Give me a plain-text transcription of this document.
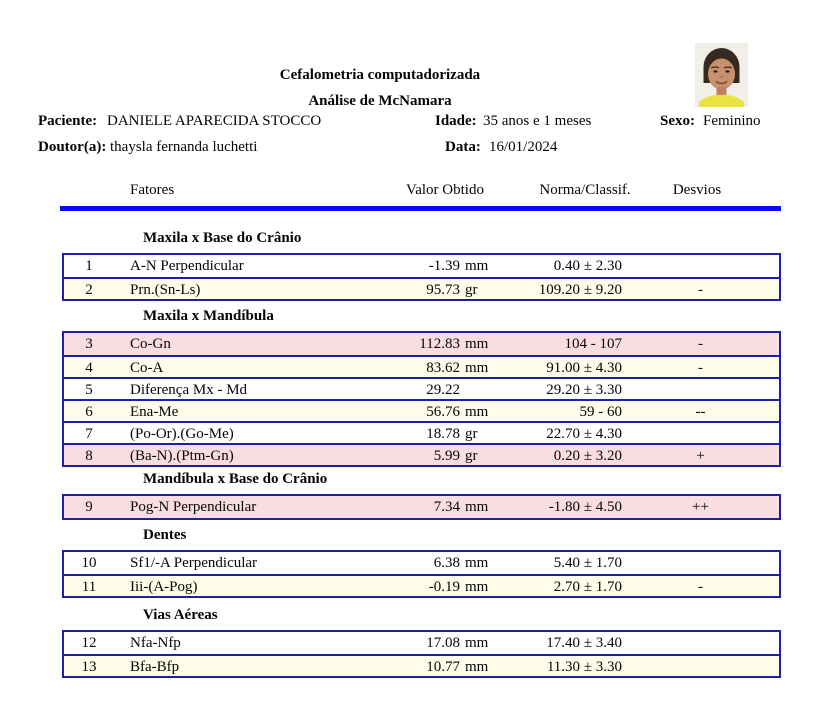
Cefalometria computadorizada
Análise de McNamara
Paciente: DANIELE APARECIDA STOCCO	Idade: 35 anos e 1 meses	Sexo: Feminino
Doutor(a): thaysla fernanda luchetti	Data: 16/01/2024
Fatores	Valor Obtido	Norma/Classif.	Desvios
Maxila x Base do Crânio
1	A-N Perpendicular	-1.39 mm	0.40 ± 2.30
2	Prn.(Sn-Ls)	95.73 gr	109.20 ± 9.20	-
Maxila x Mandíbula
3	Co-Gn	112.83 mm	104 - 107	-
4	Co-A	83.62 mm	91.00 ± 4.30	-
5	Diferença Mx - Md	29.22	29.20 ± 3.30
6	Ena-Me	56.76 mm	59 - 60	--
7	(Po-Or).(Go-Me)	18.78 gr	22.70 ± 4.30
8	(Ba-N).(Ptm-Gn)	5.99 gr	0.20 ± 3.20	+
Mandíbula x Base do Crânio
9	Pog-N Perpendicular	7.34 mm	-1.80 ± 4.50	++
Dentes
10	Sf1/-A Perpendicular	6.38 mm	5.40 ± 1.70
11	Iii-(A-Pog)	-0.19 mm	2.70 ± 1.70	-
Vias Aéreas
12	Nfa-Nfp	17.08 mm	17.40 ± 3.40
13	Bfa-Bfp	10.77 mm	11.30 ± 3.30
